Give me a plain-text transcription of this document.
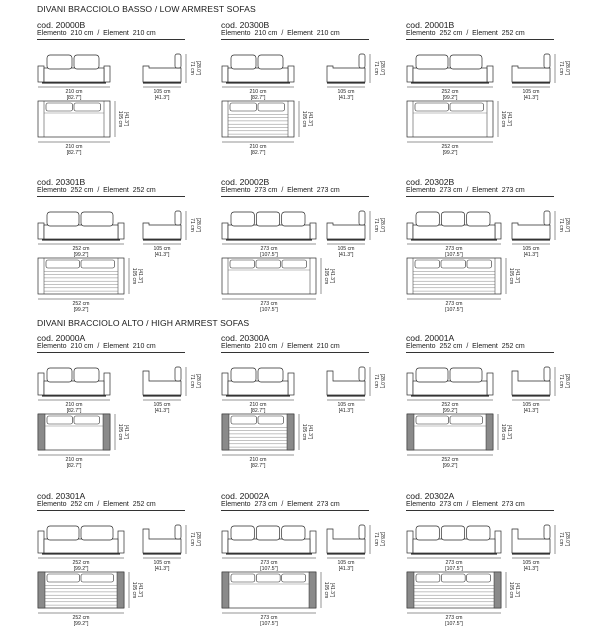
DIVANI BRACCIOLO BASSO / LOW ARMREST SOFAS
DIVANI BRACCIOLO ALTO / HIGH ARMREST SOFAS
cod. 20000B
Elemento 210 cm  /  Element 210 cm
210 cm
[82.7"]
105 cm
[41.3"]
71 cm [28.0"]
210 cm
[82.7"]
105 cm [41.3"]
cod. 20300B
Elemento 210 cm  /  Element 210 cm
210 cm
[82.7"]
105 cm
[41.3"]
71 cm [28.0"]
210 cm
[82.7"]
105 cm [41.3"]
cod. 20001B
Elemento 252 cm  /  Element 252 cm
252 cm
[99.2"]
105 cm
[41.3"]
71 cm [28.0"]
252 cm
[99.2"]
105 cm [41.3"]
cod. 20301B
Elemento 252 cm  /  Element 252 cm
252 cm
[99.2"]
105 cm
[41.3"]
71 cm [28.0"]
252 cm
[99.2"]
105 cm [41.3"]
cod. 20002B
Elemento 273 cm  /  Element 273 cm
273 cm
[107.5"]
105 cm
[41.3"]
71 cm [28.0"]
273 cm
[107.5"]
105 cm [41.3"]
cod. 20302B
Elemento 273 cm  /  Element 273 cm
273 cm
[107.5"]
105 cm
[41.3"]
71 cm [28.0"]
273 cm
[107.5"]
105 cm [41.3"]
cod. 20000A
Elemento 210 cm  /  Element 210 cm
210 cm
[82.7"]
105 cm
[41.3"]
71 cm [28.0"]
210 cm
[82.7"]
105 cm [41.3"]
cod. 20300A
Elemento 210 cm  /  Element 210 cm
210 cm
[82.7"]
105 cm
[41.3"]
71 cm [28.0"]
210 cm
[82.7"]
105 cm [41.3"]
cod. 20001A
Elemento 252 cm  /  Element 252 cm
252 cm
[99.2"]
105 cm
[41.3"]
71 cm [28.0"]
252 cm
[99.2"]
105 cm [41.3"]
cod. 20301A
Elemento 252 cm  /  Element 252 cm
252 cm
[99.2"]
105 cm
[41.3"]
71 cm [28.0"]
252 cm
[99.2"]
105 cm [41.3"]
cod. 20002A
Elemento 273 cm  /  Element 273 cm
273 cm
[107.5"]
105 cm
[41.3"]
71 cm [28.0"]
273 cm
[107.5"]
105 cm [41.3"]
cod. 20302A
Elemento 273 cm  /  Element 273 cm
273 cm
[107.5"]
105 cm
[41.3"]
71 cm [28.0"]
273 cm
[107.5"]
105 cm [41.3"]
